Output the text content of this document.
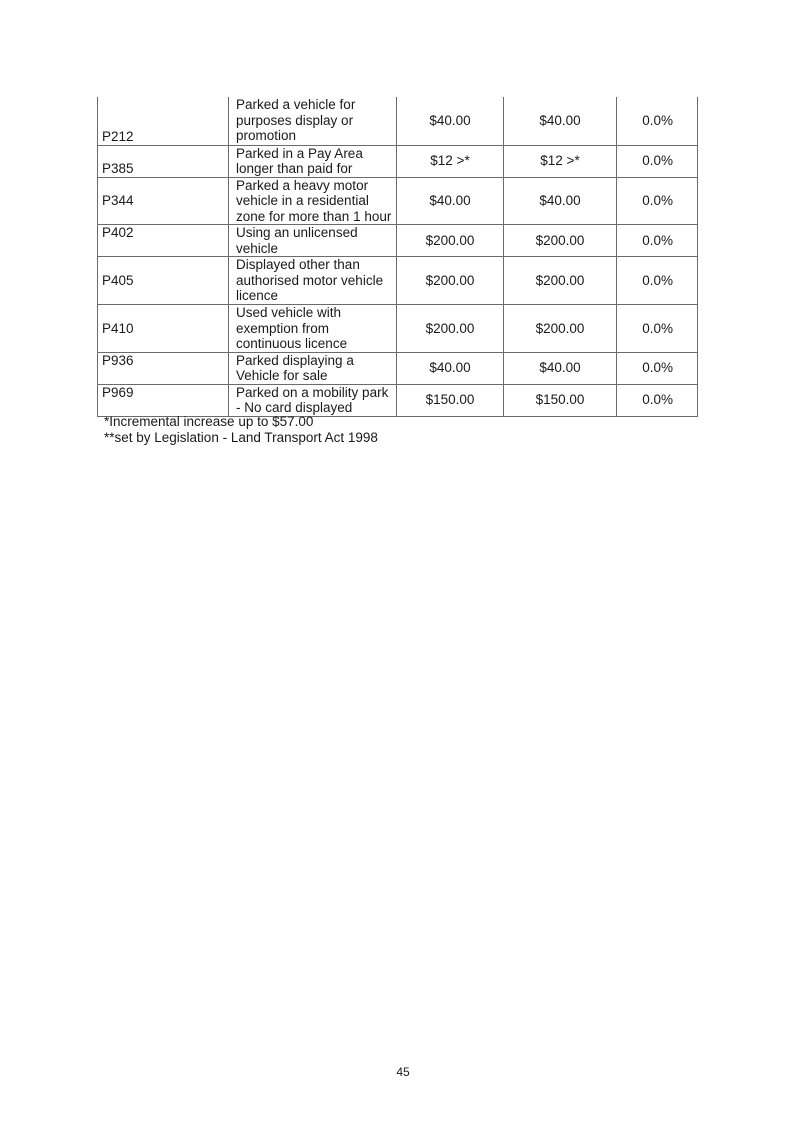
P212	Parked a vehicle for
purposes display or
promotion	$40.00	$40.00	0.0%
P385	Parked in a Pay Area
longer than paid for	$12 >*	$12 >*	0.0%
P344	Parked a heavy motor
vehicle in a residential
zone for more than 1 hour	$40.00	$40.00	0.0%
P402	Using an unlicensed
vehicle	$200.00	$200.00	0.0%
P405	Displayed other than
authorised motor vehicle
licence	$200.00	$200.00	0.0%
P410	Used vehicle with
exemption from
continuous licence	$200.00	$200.00	0.0%
P936	Parked displaying a
Vehicle for sale	$40.00	$40.00	0.0%
P969	Parked on a mobility park
- No card displayed	$150.00	$150.00	0.0%
*Incremental increase up to $57.00
**set by Legislation - Land Transport Act 1998
45
